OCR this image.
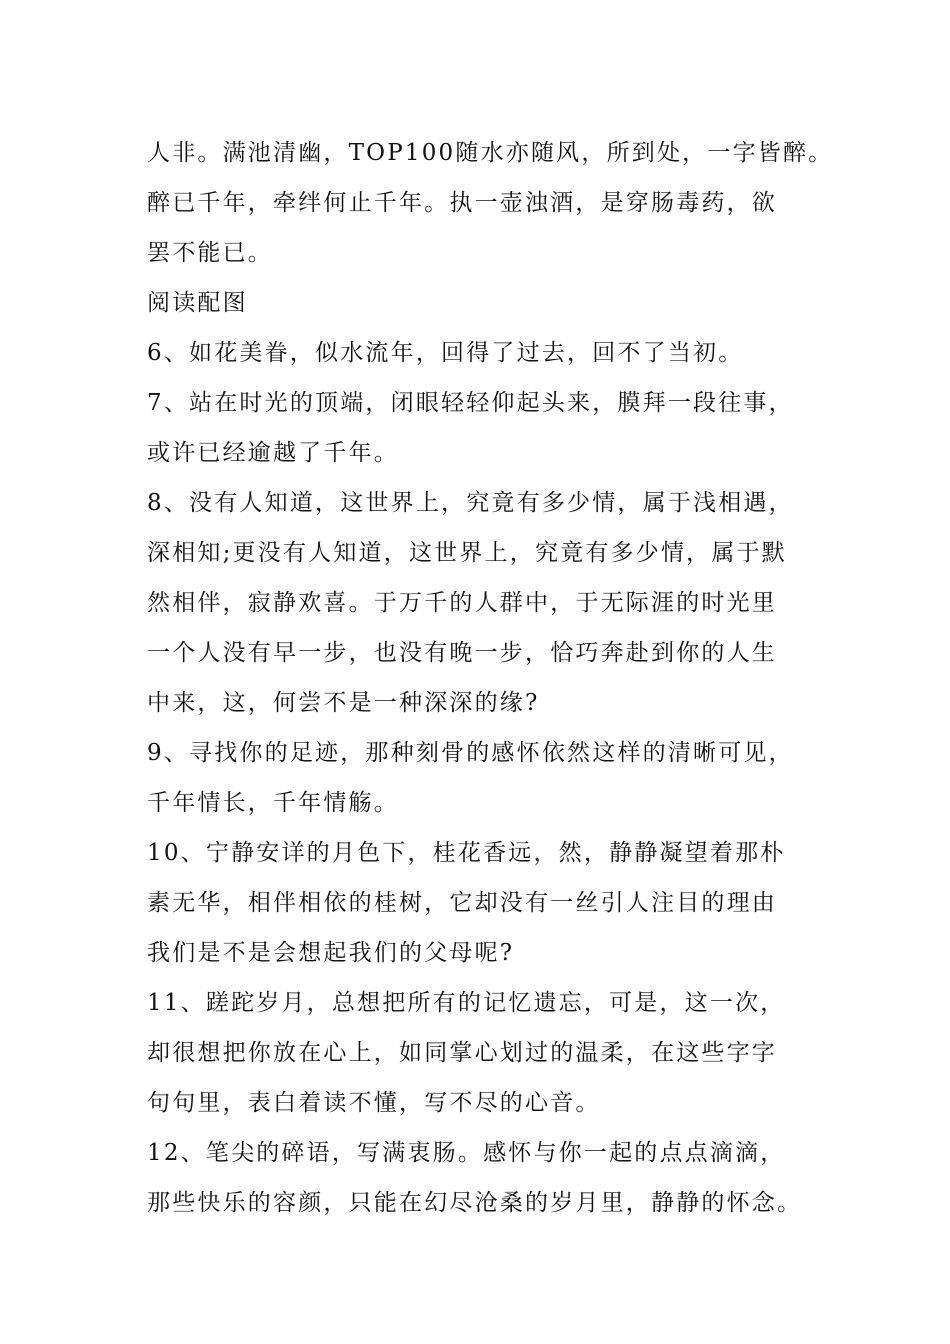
人非。满池清幽，TOP100随水亦随风，所到处，一字皆醉。
醉已千年，牵绊何止千年。执一壶浊酒，是穿肠毒药，欲
罢不能已。
阅读配图
6、如花美眷，似水流年，回得了过去，回不了当初。
7、站在时光的顶端，闭眼轻轻仰起头来，膜拜一段往事，
或许已经逾越了千年。
8、没有人知道，这世界上，究竟有多少情，属于浅相遇，
深相知;更没有人知道，这世界上，究竟有多少情，属于默
然相伴，寂静欢喜。于万千的人群中，于无际涯的时光里
一个人没有早一步，也没有晚一步，恰巧奔赴到你的人生
中来，这，何尝不是一种深深的缘?
9、寻找你的足迹，那种刻骨的感怀依然这样的清晰可见，
千年情长，千年情觞。
10、宁静安详的月色下，桂花香远，然，静静凝望着那朴
素无华，相伴相依的桂树，它却没有一丝引人注目的理由
我们是不是会想起我们的父母呢?
11、蹉跎岁月，总想把所有的记忆遗忘，可是，这一次，
却很想把你放在心上，如同掌心划过的温柔，在这些字字
句句里，表白着读不懂，写不尽的心音。
12、笔尖的碎语，写满衷肠。感怀与你一起的点点滴滴，
那些快乐的容颜，只能在幻尽沧桑的岁月里，静静的怀念。
